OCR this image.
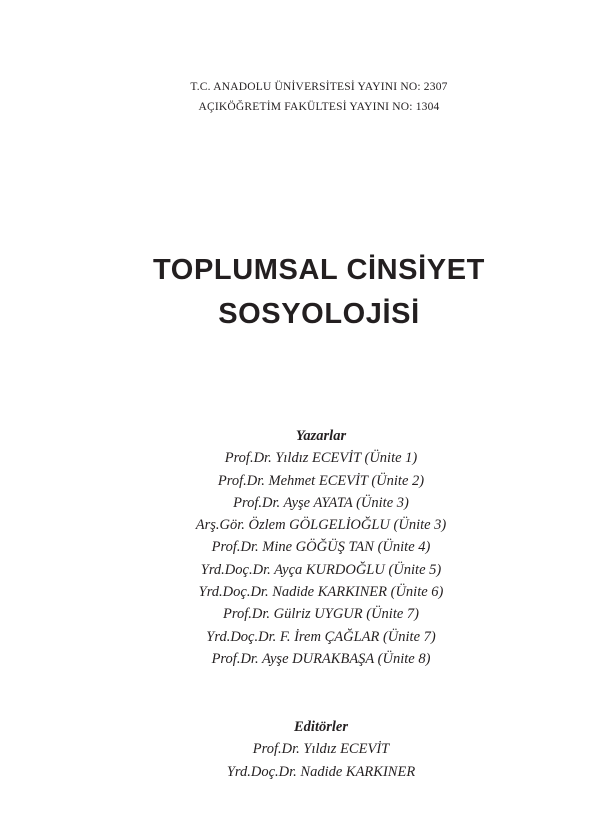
T.C. ANADOLU ÜNİVERSİTESİ YAYINI NO: 2307
AÇIKÖĞRETİM FAKÜLTESİ YAYINI NO: 1304
TOPLUMSAL CİNSİYET
SOSYOLOJİSİ
Yazarlar
Prof.Dr. Yıldız ECEVİT (Ünite 1)
Prof.Dr. Mehmet ECEVİT (Ünite 2)
Prof.Dr. Ayşe AYATA (Ünite 3)
Arş.Gör. Özlem GÖLGELİOĞLU (Ünite 3)
Prof.Dr. Mine GÖĞÜŞ TAN (Ünite 4)
Yrd.Doç.Dr. Ayça KURDOĞLU (Ünite 5)
Yrd.Doç.Dr. Nadide KARKINER (Ünite 6)
Prof.Dr. Gülriz UYGUR (Ünite 7)
Yrd.Doç.Dr. F. İrem ÇAĞLAR (Ünite 7)
Prof.Dr. Ayşe DURAKBAŞA (Ünite 8)
Editörler
Prof.Dr. Yıldız ECEVİT
Yrd.Doç.Dr. Nadide KARKINER
